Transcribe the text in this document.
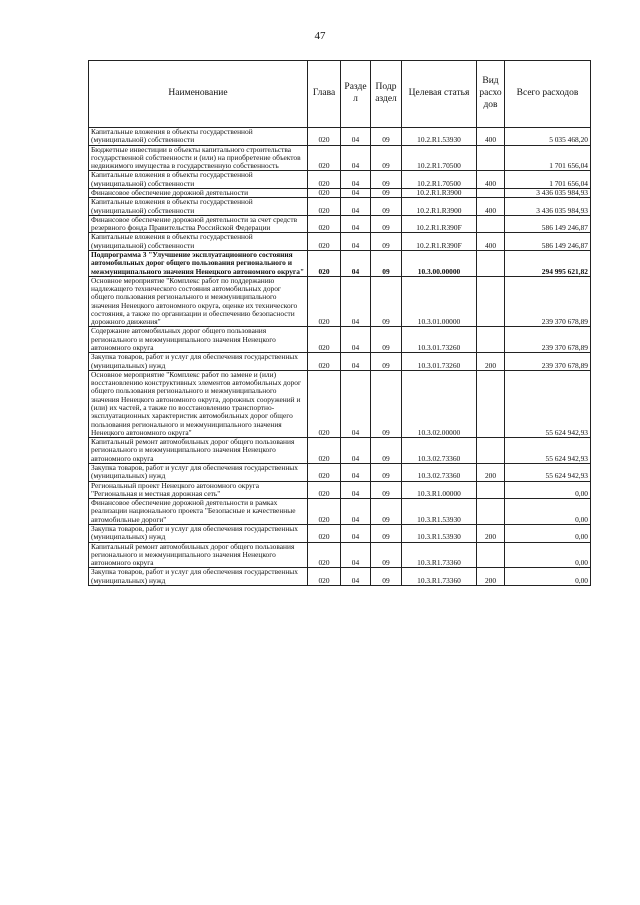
47
Наименование	Глава	Разде л	Подр аздел	Целевая статья	Вид расхо дов	Всего расходов
Капитальные вложения в объекты государственной (муниципальной) собственности	020	04	09	10.2.R1.53930	400	5 035 468,20
Бюджетные инвестиции в объекты капитального строительства государственной собственности и (или) на приобретение объектов недвижимого имущества в государственную собственность	020	04	09	10.2.R1.70500		1 701 656,04
Капитальные вложения в объекты государственной (муниципальной) собственности	020	04	09	10.2.R1.70500	400	1 701 656,04
Финансовое обеспечение дорожной деятельности	020	04	09	10.2.R1.R3900		3 436 035 984,93
Капитальные вложения в объекты государственной (муниципальной) собственности	020	04	09	10.2.R1.R3900	400	3 436 035 984,93
Финансовое обеспечение дорожной деятельности за счет средств резервного фонда Правительства Российской Федерации	020	04	09	10.2.R1.R390F		586 149 246,87
Капитальные вложения в объекты государственной (муниципальной) собственности	020	04	09	10.2.R1.R390F	400	586 149 246,87
Подпрограмма 3 "Улучшение эксплуатационного состояния автомобильных дорог общего пользования регионального и межмуниципального значения Ненецкого автономного округа"	020	04	09	10.3.00.00000		294 995 621,82
Основное мероприятие "Комплекс работ по поддержанию надлежащего технического состояния автомобильных дорог общего пользования регионального и межмуниципального значения Ненецкого автономного округа, оценке их технического состояния, а также по организации и обеспечению безопасности дорожного движения"	020	04	09	10.3.01.00000		239 370 678,89
Содержание автомобильных дорог общего пользования регионального и межмуниципального значения Ненецкого автономного округа	020	04	09	10.3.01.73260		239 370 678,89
Закупка товаров, работ и услуг для обеспечения государственных (муниципальных) нужд	020	04	09	10.3.01.73260	200	239 370 678,89
Основное мероприятие "Комплекс работ по замене и (или) восстановлению конструктивных элементов автомобильных дорог общего пользования регионального и межмуниципального значения Ненецкого автономного округа, дорожных сооружений и (или) их частей, а также по восстановлению транспортно-эксплуатационных характеристик автомобильных дорог общего пользования регионального и межмуниципального значения Ненецкого автономного округа"	020	04	09	10.3.02.00000		55 624 942,93
Капитальный ремонт автомобильных дорог общего пользования регионального и межмуниципального значения Ненецкого автономного округа	020	04	09	10.3.02.73360		55 624 942,93
Закупка товаров, работ и услуг для обеспечения государственных (муниципальных) нужд	020	04	09	10.3.02.73360	200	55 624 942,93
Региональный проект Ненецкого автономного округа "Региональная и местная дорожная сеть"	020	04	09	10.3.R1.00000		0,00
Финансовое обеспечение дорожной деятельности в рамках реализации национального проекта "Безопасные и качественные автомобильные дороги"	020	04	09	10.3.R1.53930		0,00
Закупка товаров, работ и услуг для обеспечения государственных (муниципальных) нужд	020	04	09	10.3.R1.53930	200	0,00
Капитальный ремонт автомобильных дорог общего пользования регионального и межмуниципального значения Ненецкого автономного округа	020	04	09	10.3.R1.73360		0,00
Закупка товаров, работ и услуг для обеспечения государственных (муниципальных) нужд	020	04	09	10.3.R1.73360	200	0,00
